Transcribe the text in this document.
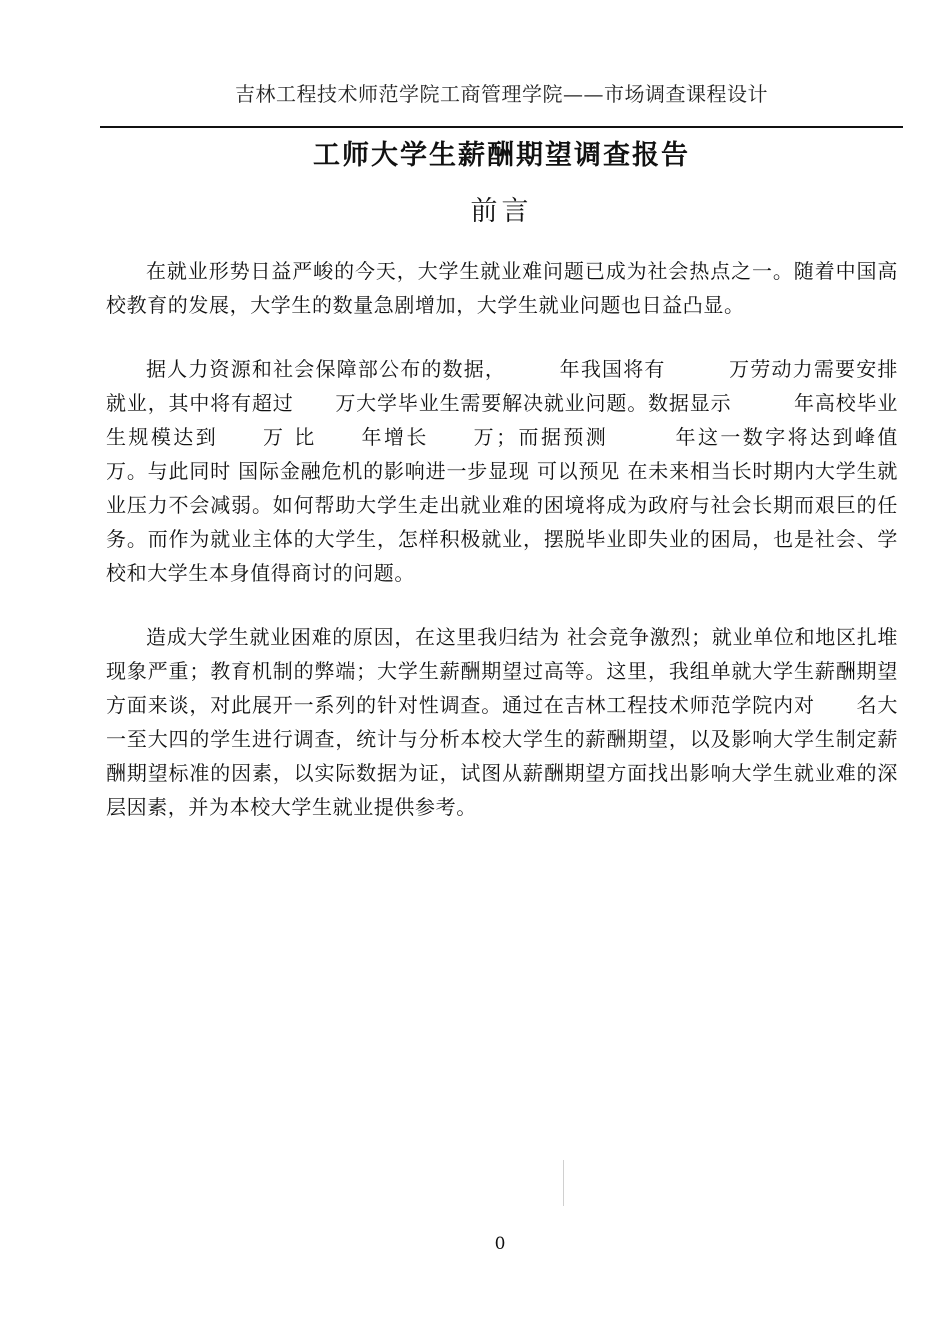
吉林工程技术师范学院工商管理学院——市场调查课程设计
工师大学生薪酬期望调查报告
前言

在就业形势日益严峻的今天，大学生就业难问题已成为社会热点之一。随着中国高校教育的发展，大学生的数量急剧增加，大学生就业问题也日益凸显。

据人力资源和社会保障部公布的数据，　　　年我国将有　　　万劳动力需要安排就业，其中将有超过　　万大学毕业生需要解决就业问题。数据显示　　　年高校毕业生规模达到　　万 比　　年增长　　万；而据预测　　　年这一数字将达到峰值　　万。与此同时 国际金融危机的影响进一步显现 可以预见 在未来相当长时期内大学生就业压力不会减弱。如何帮助大学生走出就业难的困境将成为政府与社会长期而艰巨的任务。而作为就业主体的大学生，怎样积极就业，摆脱毕业即失业的困局，也是社会、学校和大学生本身值得商讨的问题。

造成大学生就业困难的原因，在这里我归结为 社会竞争激烈；就业单位和地区扎堆现象严重；教育机制的弊端；大学生薪酬期望过高等。这里，我组单就大学生薪酬期望方面来谈，对此展开一系列的针对性调查。通过在吉林工程技术师范学院内对　　名大一至大四的学生进行调查，统计与分析本校大学生的薪酬期望，以及影响大学生制定薪酬期望标准的因素，以实际数据为证，试图从薪酬期望方面找出影响大学生就业难的深层因素，并为本校大学生就业提供参考。

0
